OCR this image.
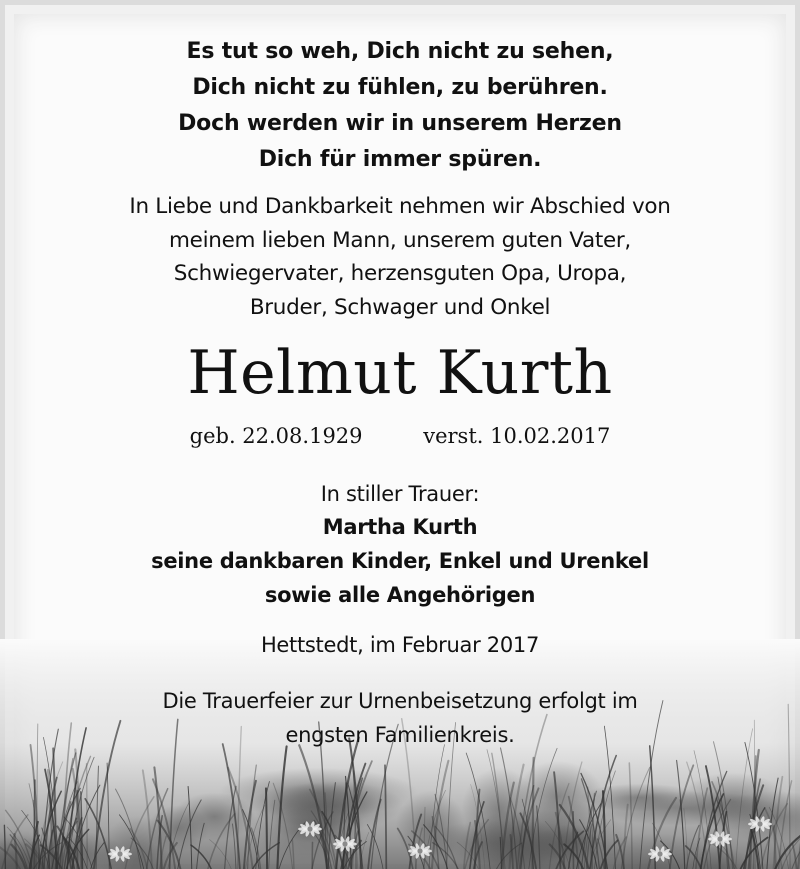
Es tut so weh, Dich nicht zu sehen,
Dich nicht zu fühlen, zu berühren.
Doch werden wir in unserem Herzen
Dich für immer spüren.
In Liebe und Dankbarkeit nehmen wir Abschied von
meinem lieben Mann, unserem guten Vater,
Schwiegervater, herzensguten Opa, Uropa,
Bruder, Schwager und Onkel
Helmut Kurth
geb. 22.08.1929	verst. 10.02.2017
In stiller Trauer:
Martha Kurth
seine dankbaren Kinder, Enkel und Urenkel
sowie alle Angehörigen
Hettstedt, im Februar 2017
Die Trauerfeier zur Urnenbeisetzung erfolgt im
engsten Familienkreis.
